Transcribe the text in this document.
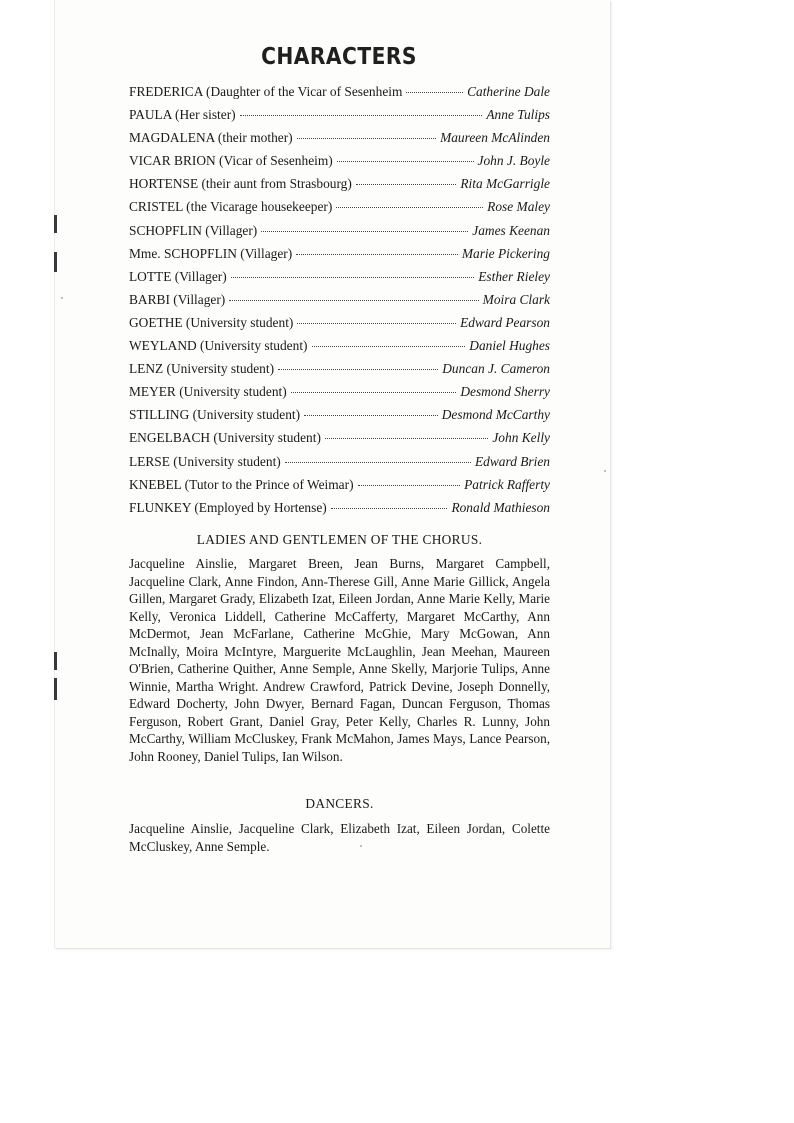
CHARACTERS
FREDERICA (Daughter of the Vicar of Sesenheim	Catherine Dale
PAULA (Her sister)	Anne Tulips
MAGDALENA (their mother)	Maureen McAlinden
VICAR BRION (Vicar of Sesenheim)	John J. Boyle
HORTENSE (their aunt from Strasbourg)	Rita McGarrigle
CRISTEL (the Vicarage housekeeper)	Rose Maley
SCHOPFLIN (Villager)	James Keenan
Mme. SCHOPFLIN (Villager)	Marie Pickering
LOTTE (Villager)	Esther Rieley
BARBI (Villager)	Moira Clark
GOETHE (University student)	Edward Pearson
WEYLAND (University student)	Daniel Hughes
LENZ (University student)	Duncan J. Cameron
MEYER (University student)	Desmond Sherry
STILLING (University student)	Desmond McCarthy
ENGELBACH (University student)	John Kelly
LERSE (University student)	Edward Brien
KNEBEL (Tutor to the Prince of Weimar)	Patrick Rafferty
FLUNKEY (Employed by Hortense)	Ronald Mathieson
LADIES AND GENTLEMEN OF THE CHORUS.

Jacqueline Ainslie, Margaret Breen, Jean Burns, Margaret Campbell, Jacqueline Clark, Anne Findon, Ann-Therese Gill, Anne Marie Gillick, Angela Gillen, Margaret Grady, Elizabeth Izat, Eileen Jordan, Anne Marie Kelly, Marie Kelly, Veronica Liddell, Catherine McCafferty, Margaret McCarthy, Ann McDermot, Jean McFarlane, Catherine McGhie, Mary McGowan, Ann McInally, Moira McIntyre, Marguerite McLaughlin, Jean Meehan, Maureen O'Brien, Catherine Quither, Anne Semple, Anne Skelly, Marjorie Tulips, Anne Winnie, Martha Wright. Andrew Crawford, Patrick Devine, Joseph Donnelly, Edward Docherty, John Dwyer, Bernard Fagan, Duncan Ferguson, Thomas Ferguson, Robert Grant, Daniel Gray, Peter Kelly, Charles R. Lunny, John McCarthy, William McCluskey, Frank McMahon, James Mays, Lance Pearson, John Rooney, Daniel Tulips, Ian Wilson.

DANCERS.

Jacqueline Ainslie, Jacqueline Clark, Elizabeth Izat, Eileen Jordan, Colette McCluskey, Anne Semple.
